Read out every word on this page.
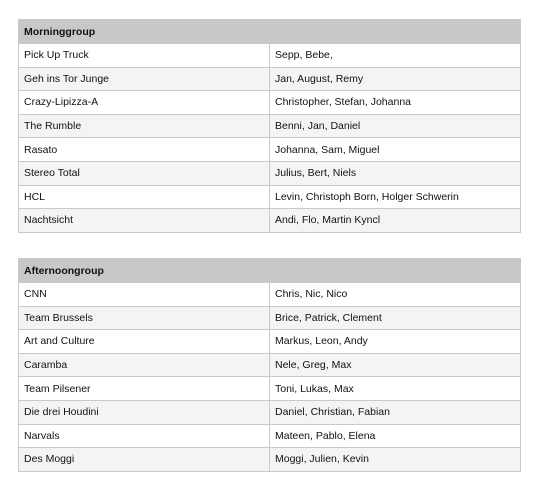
Morninggroup	
Pick Up Truck	Sepp, Bebe,
Geh ins Tor Junge	Jan, August, Remy
Crazy-Lipizza-A	Christopher, Stefan, Johanna
The Rumble	Benni, Jan, Daniel
Rasato	Johanna, Sam, Miguel
Stereo Total	Julius, Bert, Niels
HCL	Levin, Christoph Born, Holger Schwerin
Nachtsicht	Andi, Flo, Martin Kyncl
Afternoongroup	
CNN	Chris, Nic, Nico
Team Brussels	Brice, Patrick, Clement
Art and Culture	Markus, Leon, Andy
Caramba	Nele, Greg, Max
Team Pilsener	Toni, Lukas, Max
Die drei Houdini	Daniel, Christian, Fabian
Narvals	Mateen, Pablo, Elena
Des Moggi	Moggi, Julien, Kevin
